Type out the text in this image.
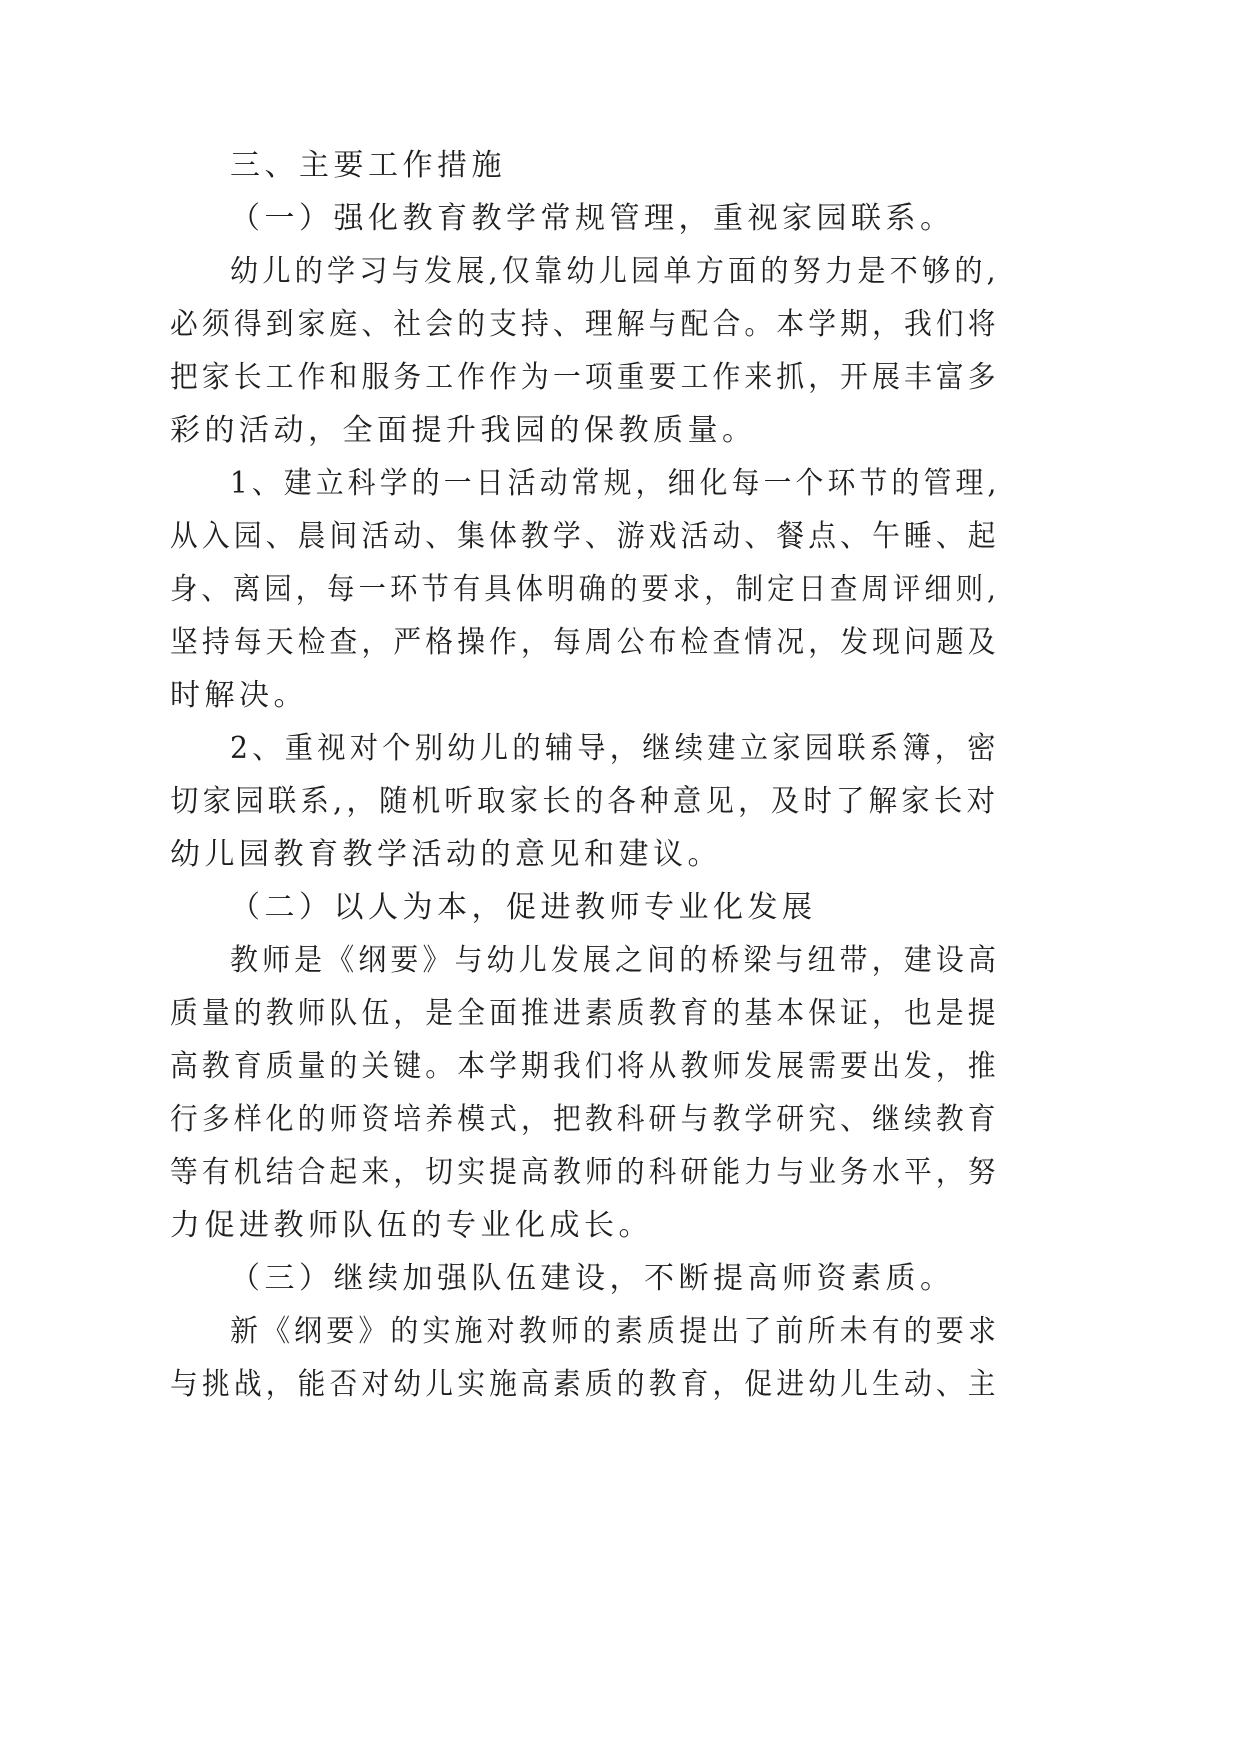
三、主要工作措施
（一）强化教育教学常规管理，重视家园联系。
幼儿的学习与发展,仅靠幼儿园单方面的努力是不够的,
必须得到家庭、社会的支持、理解与配合。本学期，我们将
把家长工作和服务工作作为一项重要工作来抓，开展丰富多
彩的活动，全面提升我园的保教质量。
1、建立科学的一日活动常规，细化每一个环节的管理,
从入园、晨间活动、集体教学、游戏活动、餐点、午睡、起
身、离园，每一环节有具体明确的要求，制定日查周评细则,
坚持每天检查，严格操作，每周公布检查情况，发现问题及
时解决。
2、重视对个别幼儿的辅导，继续建立家园联系簿，密
切家园联系,，随机听取家长的各种意见，及时了解家长对
幼儿园教育教学活动的意见和建议。
（二）以人为本，促进教师专业化发展
教师是《纲要》与幼儿发展之间的桥梁与纽带，建设高
质量的教师队伍，是全面推进素质教育的基本保证，也是提
高教育质量的关键。本学期我们将从教师发展需要出发，推
行多样化的师资培养模式，把教科研与教学研究、继续教育
等有机结合起来，切实提高教师的科研能力与业务水平，努
力促进教师队伍的专业化成长。
（三）继续加强队伍建设，不断提高师资素质。
新《纲要》的实施对教师的素质提出了前所未有的要求
与挑战，能否对幼儿实施高素质的教育，促进幼儿生动、主
